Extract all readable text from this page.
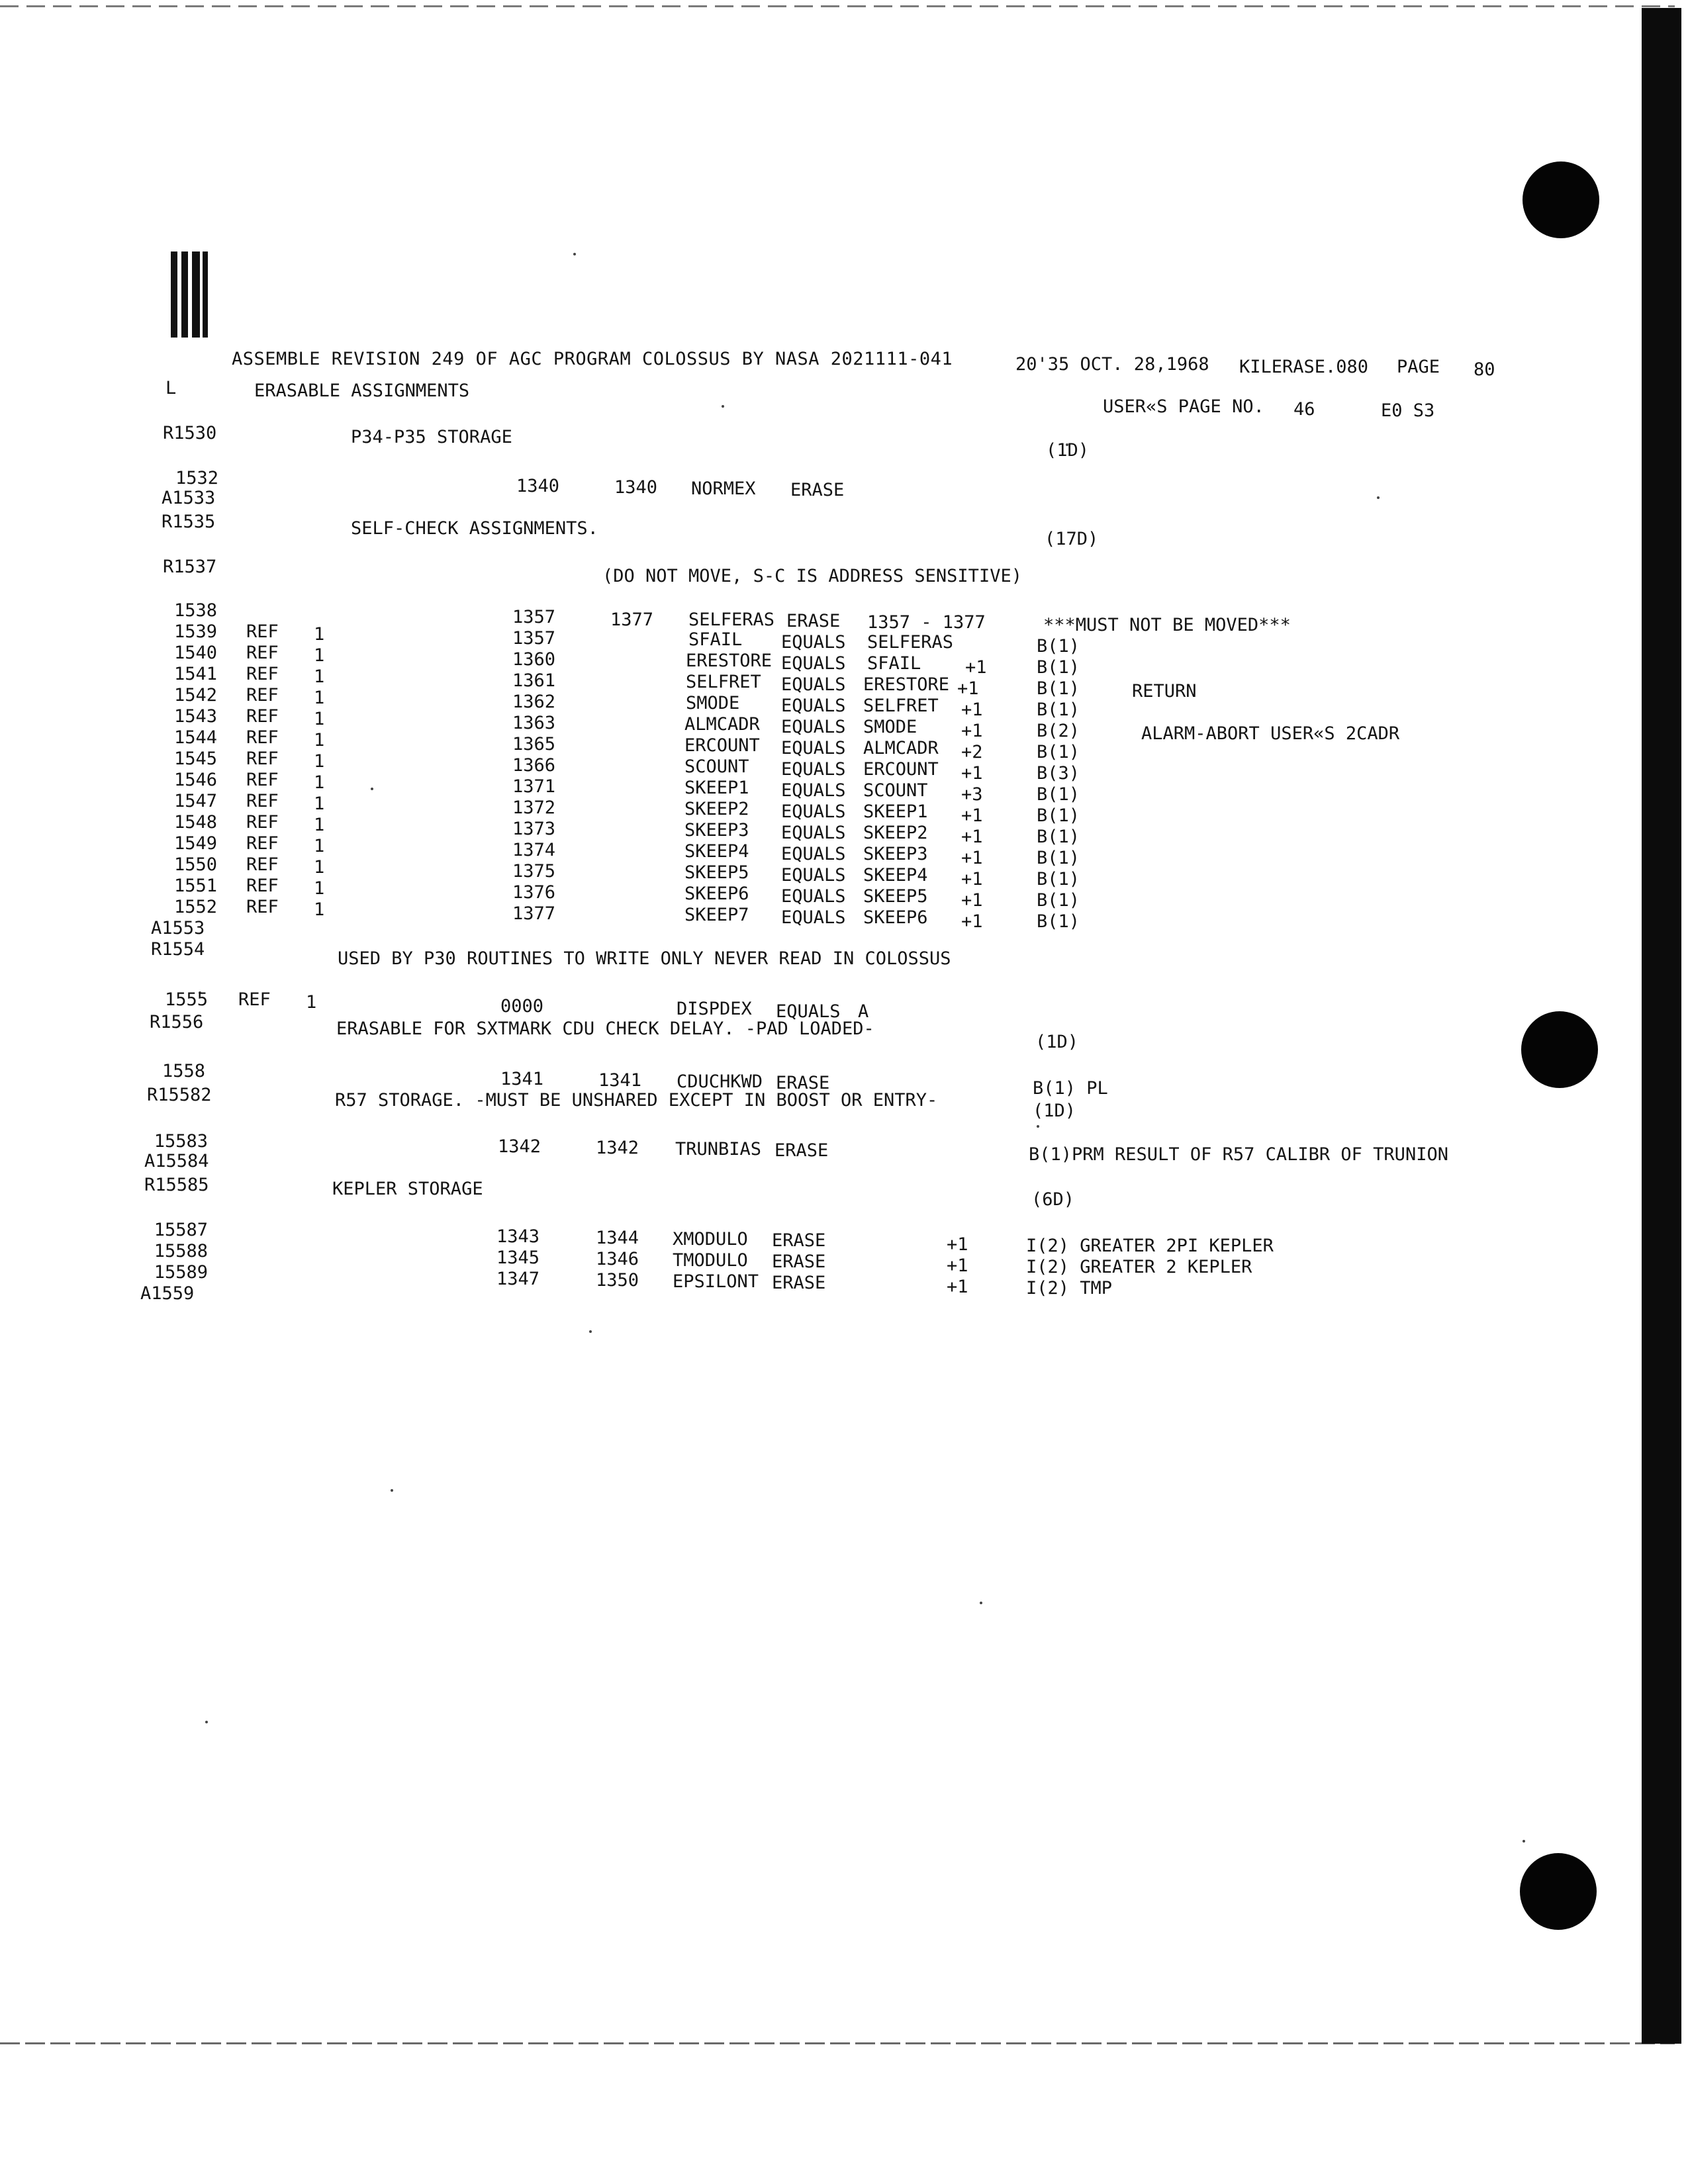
ASSEMBLE REVISION 249 OF AGC PROGRAM COLOSSUS BY NASA 2021111-041	20'35 OCT. 28,1968 KILERASE.080 PAGE 80
L	ERASABLE ASSIGNMENTS
USER«S PAGE NO. 46	E0 S3
R1530	P34-P35 STORAGE
(1D)
1532	1340	1340 NORMEX ERASE
A1533
R1535	SELF-CHECK ASSIGNMENTS.
(17D)
R1537	(DO NOT MOVE, S-C IS ADDRESS SENSITIVE)
1538	1357	1377 SELFERAS ERASE 1357 - 1377	***MUST NOT BE MOVED***
1539 REF 1	1357	SFAIL EQUALS SELFERAS	B(1)
1540 REF 1	1360	ERESTORE EQUALS SFAIL +1	B(1)
1541 REF 1	1361	SELFRET EQUALS ERESTORE +1	B(1)	RETURN
1542 REF 1	1362	SMODE EQUALS SELFRET +1	B(1)
1543 REF 1	1363	ALMCADR EQUALS SMODE +1	B(2)	ALARM-ABORT USER«S 2CADR
1544 REF 1	1365	ERCOUNT EQUALS ALMCADR +2	B(1)
1545 REF 1	1366	SCOUNT EQUALS ERCOUNT +1	B(3)
1546 REF 1	1371	SKEEP1 EQUALS SCOUNT +3	B(1)
1547 REF 1	1372	SKEEP2 EQUALS SKEEP1 +1	B(1)
1548 REF 1	1373	SKEEP3 EQUALS SKEEP2 +1	B(1)
1549 REF 1	1374	SKEEP4 EQUALS SKEEP3 +1	B(1)
1550 REF 1	1375	SKEEP5 EQUALS SKEEP4 +1	B(1)
1551 REF 1	1376	SKEEP6 EQUALS SKEEP5 +1	B(1)
1552 REF 1	1377	SKEEP7 EQUALS SKEEP6 +1	B(1)
A1553
R1554	USED BY P30 ROUTINES TO WRITE ONLY NEVER READ IN COLOSSUS
1555 REF 1	0000	DISPDEX EQUALS A
R1556	ERASABLE FOR SXTMARK CDU CHECK DELAY. -PAD LOADED-
(1D)
1558	1341	1341 CDUCHKWD ERASE	B(1) PL
R15582	R57 STORAGE. -MUST BE UNSHARED EXCEPT IN BOOST OR ENTRY-
(1D)
15583	1342	1342 TRUNBIAS ERASE	B(1)PRM RESULT OF R57 CALIBR OF TRUNION
A15584
R15585	KEPLER STORAGE
(6D)
15587	1343	1344 XMODULO ERASE	+1	I(2) GREATER 2PI KEPLER
15588	1345	1346 TMODULO ERASE	+1	I(2) GREATER 2 KEPLER
15589	1347	1350 EPSILONT ERASE	+1	I(2) TMP
A1559
